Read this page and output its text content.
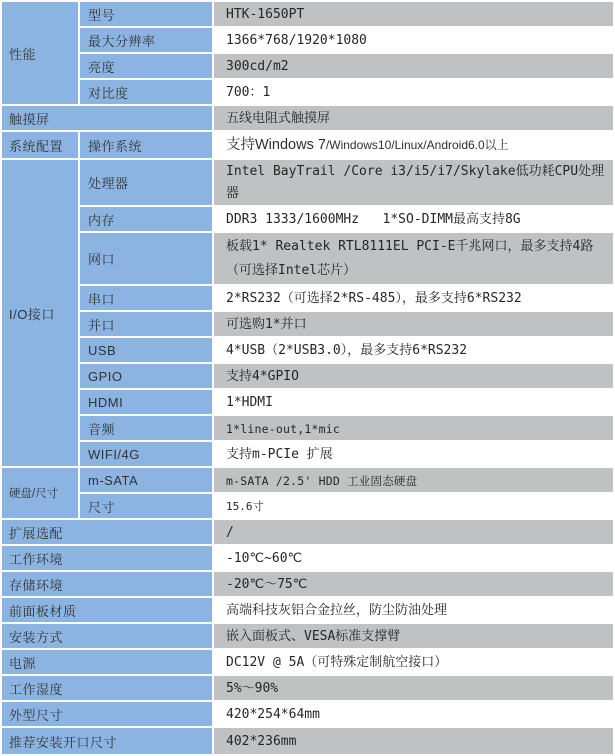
性能	型号	HTK-1650PT
	最大分辨率	1366*768/1920*1080
	亮度	300cd/m2
	对比度	700：1
触摸屏		五线电阻式触摸屏
系统配置	操作系统	支持Windows 7/Windows10/Linux/Android6.0以上
I/O接口	处理器	Intel BayTrail /Core i3/i5/i7/Skylake低功耗CPU处理器
	内存	DDR3 1333/1600MHz   1*SO-DIMM最高支持8G
	网口	板载1* Realtek RTL8111EL PCI-E千兆网口，最多支持4路（可选择Intel芯片）
	串口	2*RS232（可选择2*RS-485），最多支持6*RS232
	并口	可选购1*并口
	USB	4*USB（2*USB3.0），最多支持6*RS232
	GPIO	支持4*GPIO
	HDMI	1*HDMI
	音频	1*line-out,1*mic
	WIFI/4G	支持m-PCIe 扩展
硬盘/尺寸	m-SATA	m-SATA /2.5' HDD 工业固态硬盘
	尺寸	15.6寸
扩展选配		/
工作环境		-10℃~60℃
存储环境		-20℃～75℃
前面板材质		高端科技灰铝合金拉丝，防尘防油处理
安装方式		嵌入面板式、VESA标准支撑臂
电源		DC12V @ 5A（可特殊定制航空接口）
工作湿度		5%～90%
外型尺寸		420*254*64mm
推荐安装开口尺寸		402*236mm
